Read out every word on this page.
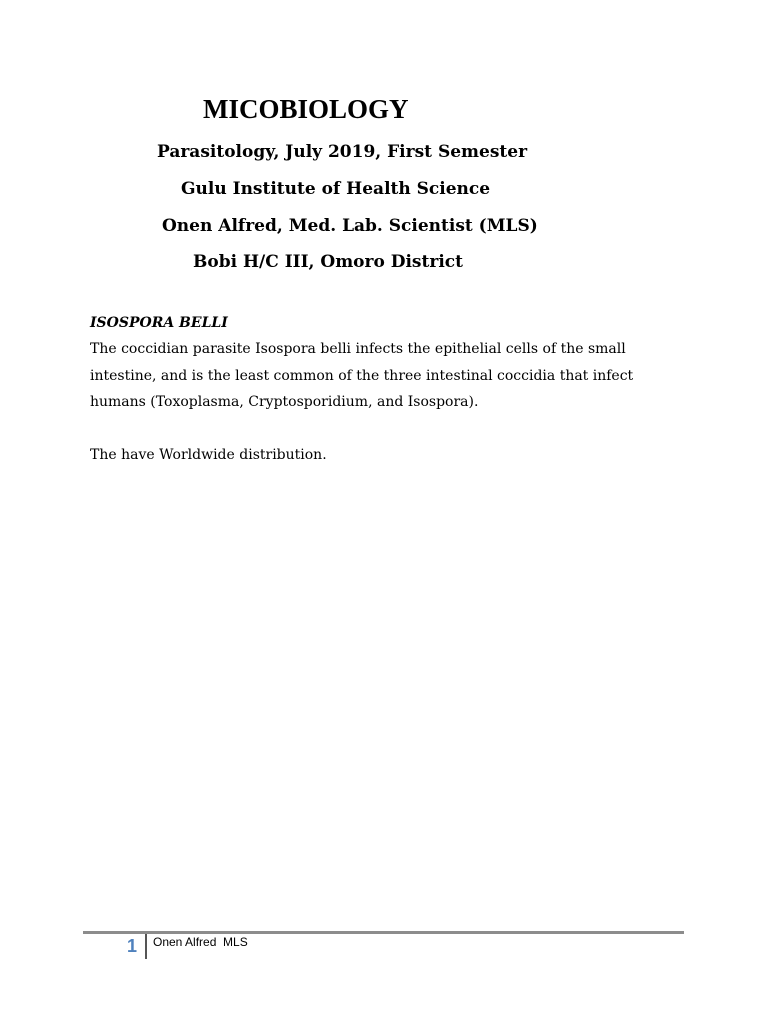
MICOBIOLOGY
Parasitology, July 2019, First Semester
Gulu Institute of Health Science
Onen Alfred, Med. Lab. Scientist (MLS)
Bobi H/C III, Omoro District
ISOSPORA BELLI
The coccidian parasite Isospora belli infects the epithelial cells of the small
intestine, and is the least common of the three intestinal coccidia that infect
humans (Toxoplasma, Cryptosporidium, and Isospora).
The have Worldwide distribution.
1 Onen Alfred  MLS
